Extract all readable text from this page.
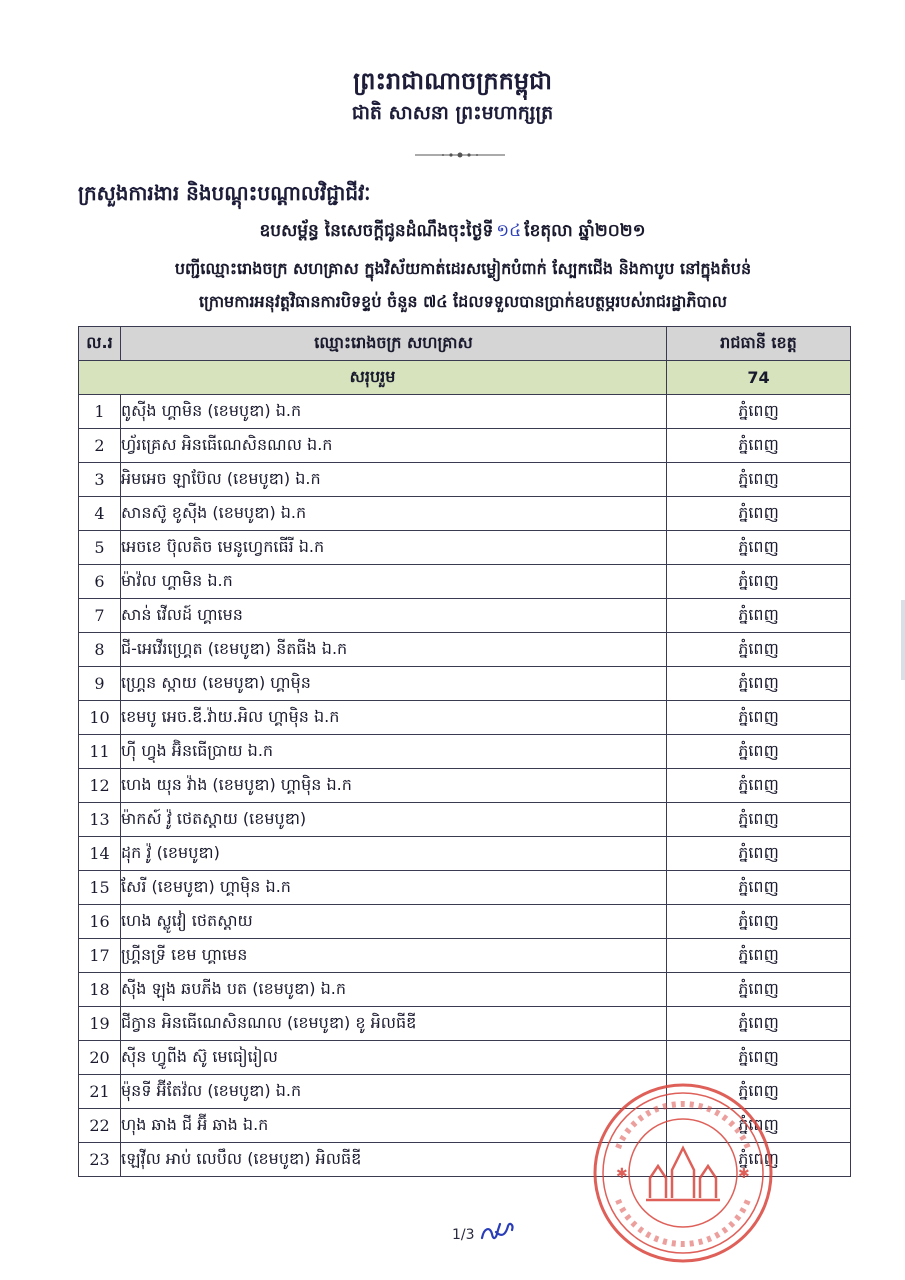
ព្រះរាជាណាចក្រកម្ពុជា
ជាតិ សាសនា ព្រះមហាក្សត្រ
ក្រសួងការងារ និងបណ្តុះបណ្តាលវិជ្ជាជីវៈ
ឧបសម្ព័ន្ធ នៃសេចក្តីជូនដំណឹងចុះថ្ងៃទី ១៤ ខែតុលា ឆ្នាំ២០២១
បញ្ជីឈ្មោះរោងចក្រ សហគ្រាស ក្នុងវិស័យកាត់ដេរសម្លៀកបំពាក់ ស្បែកជើង និងកាបូប នៅក្នុងតំបន់
ក្រោមការអនុវត្តវិធានការបិទខ្ទប់ ចំនួន ៧៤ ដែលទទួលបានប្រាក់ឧបត្ថម្ភរបស់រាជរដ្ឋាភិបាល
ល.រ	ឈ្មោះរោងចក្រ សហគ្រាស	រាជធានី ខេត្ត
សរុបរួម		74
1	ពូស៊ីង ហ្គាមិន (ខេមបូឌា) ឯ.ក	ភ្នំពេញ
2	ហ្វ័រគ្រេស អិនធើណេសិនណល ឯ.ក	ភ្នំពេញ
3	អិមអេច ឡាប៊ែល (ខេមបូឌា) ឯ.ក	ភ្នំពេញ
4	សានស៊ូ ខូស៊ីង (ខេមបូឌា) ឯ.ក	ភ្នំពេញ
5	អេចខេ ប៊ុលតិច មេនូហ្វេកធើរី ឯ.ក	ភ្នំពេញ
6	ម៉ាវ៉ល ហ្គាមិន ឯ.ក	ភ្នំពេញ
7	សាន់ វើលដ៍ ហ្គាមេន	ភ្នំពេញ
8	ជី-អេវើរហ្គ្រេត (ខេមបូឌា) នីតធីង ឯ.ក	ភ្នំពេញ
9	ហ្គ្រេន ស្កាយ (ខេមបូឌា) ហ្គាម៉ិន	ភ្នំពេញ
10	ខេមបូ អេច.ឌី.វ៉ាយ.អិល ហ្គាម៉ិន ឯ.ក	ភ្នំពេញ
11	ហ៊ី ហ្វុង អ៊ិនធើប្រាយ ឯ.ក	ភ្នំពេញ
12	ហេង យុន វ៉ាង (ខេមបូឌា) ហ្គាម៉ិន ឯ.ក	ភ្នំពេញ
13	ម៉ាកស៍ វ៉ូ ថេតស្តាយ (ខេមបូឌា)	ភ្នំពេញ
14	ដុក វ៉ូ (ខេមបូឌា)	ភ្នំពេញ
15	សែរី (ខេមបូឌា) ហ្គាម៉ិន ឯ.ក	ភ្នំពេញ
16	ហេង ស្លូវៀ ថេតស្តាយ	ភ្នំពេញ
17	ហ្គ្រីនទ្រី ខេម ហ្គាមេន	ភ្នំពេញ
18	ស៊ីង ឡុង ឆបភីង បត (ខេមបូឌា) ឯ.ក	ភ្នំពេញ
19	ជីក្វាន អិនធើណេសិនណល (ខេមបូឌា) ខូ អិលធីឌី	ភ្នំពេញ
20	ស៊ីន ហ្វូពីង ស៊ូ មេធៀរៀល	ភ្នំពេញ
21	ម៉ុនទី អ៊ីតែវ៉ល (ខេមបូឌា) ឯ.ក	ភ្នំពេញ
22	ហុង ឆាង ជី អ៊ី ឆាង ឯ.ក	ភ្នំពេញ
23	ឡេវ៉ីល អាប់ លេបឹល (ខេមបូឌា) អិលធីឌី	ភ្នំពេញ
✱	✱
1/3
